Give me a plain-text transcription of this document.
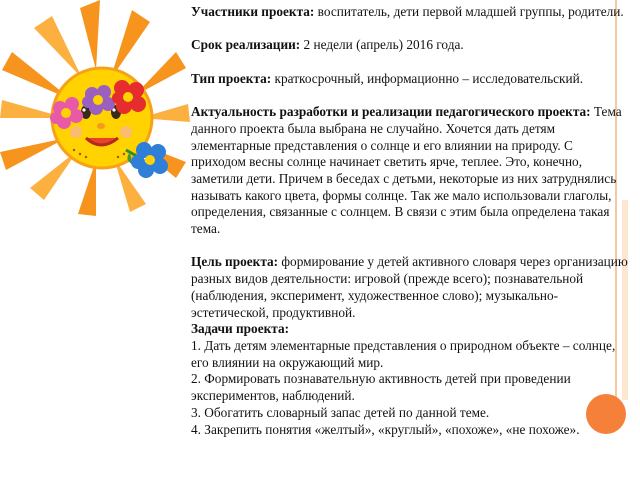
Участники проекта: воспитатель, дети первой младшей группы, родители.

Срок реализации: 2 недели (апрель) 2016 года.

Тип проекта: краткосрочный, информационно – исследовательский.

Актуальность разработки и реализации педагогического проекта: Тема данного проекта была выбрана не случайно. Хочется дать детям элементарные представления о солнце и его влиянии на природу. С приходом весны солнце начинает светить ярче, теплее. Это, конечно, заметили дети. Причем в беседах с детьми, некоторые из них затруднялись называть какого цвета, формы солнце. Так же мало использовали глаголы, определения, связанные с солнцем. В связи с этим была определена такая тема.

Цель проекта: формирование у детей активного словаря через организацию разных видов деятельности: игровой (прежде всего); познавательной (наблюдения, эксперимент, художественное слово); музыкально-эстетической, продуктивной.

Задачи проекта:

1. Дать детям элементарные представления о природном объекте – солнце, его влиянии на окружающий мир.

2. Формировать познавательную активность детей при проведении экспериментов, наблюдений.

3. Обогатить словарный запас детей по данной теме.

4. Закрепить понятия «желтый», «круглый», «похоже», «не похоже».
